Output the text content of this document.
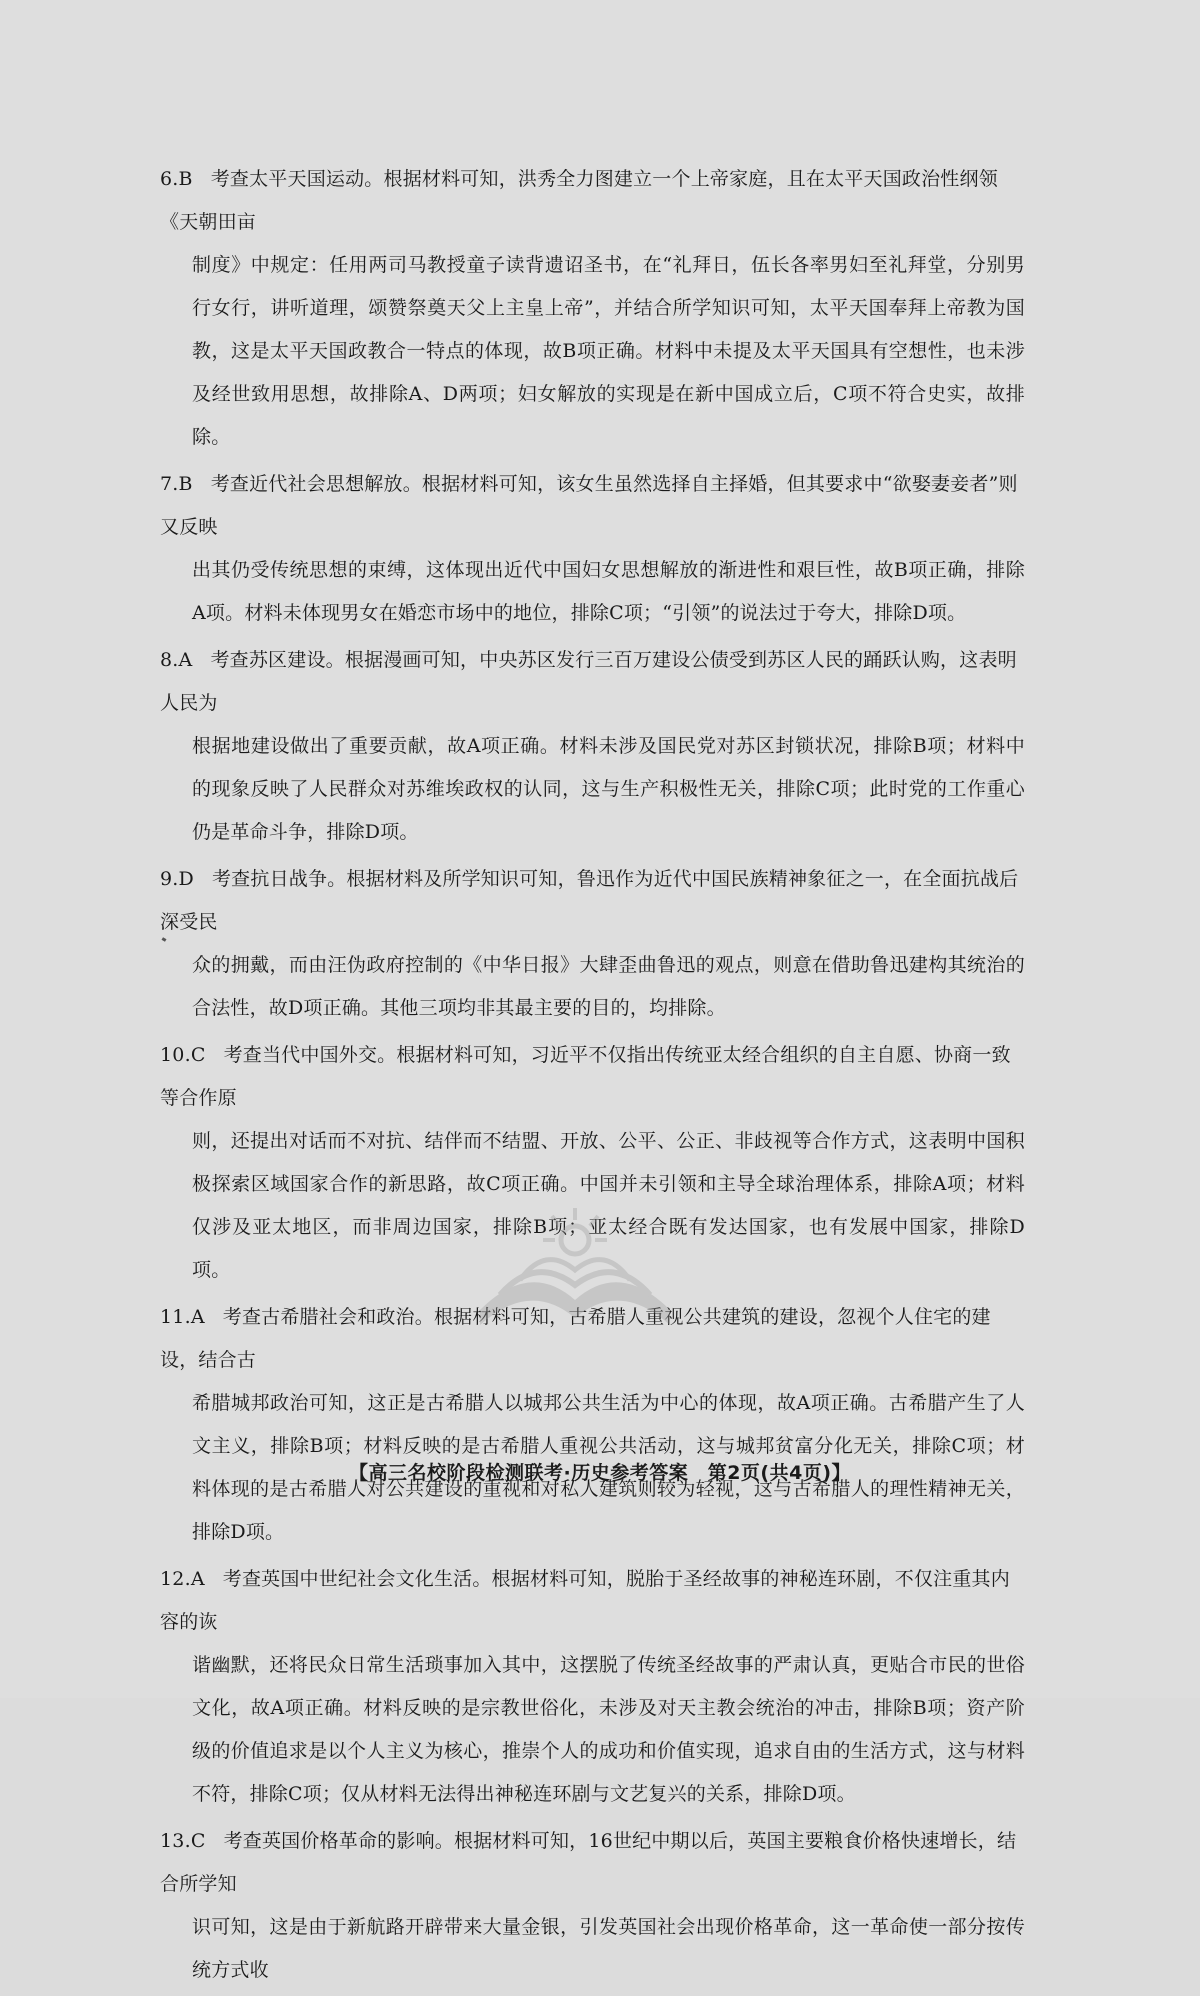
6.B 考查太平天国运动。根据材料可知，洪秀全力图建立一个上帝家庭，且在太平天国政治性纲领《天朝田亩
制度》中规定：任用两司马教授童子读背遗诏圣书，在“礼拜日，伍长各率男妇至礼拜堂，分别男行女行，讲听道理，颂赞祭奠天父上主皇上帝”，并结合所学知识可知，太平天国奉拜上帝教为国教，这是太平天国政教合一特点的体现，故B项正确。材料中未提及太平天国具有空想性，也未涉及经世致用思想，故排除A、D两项；妇女解放的实现是在新中国成立后，C项不符合史实，故排除。
7.B 考查近代社会思想解放。根据材料可知，该女生虽然选择自主择婚，但其要求中“欲娶妻妾者”则又反映
出其仍受传统思想的束缚，这体现出近代中国妇女思想解放的渐进性和艰巨性，故B项正确，排除A项。材料未体现男女在婚恋市场中的地位，排除C项；“引领”的说法过于夸大，排除D项。
8.A 考查苏区建设。根据漫画可知，中央苏区发行三百万建设公债受到苏区人民的踊跃认购，这表明人民为
根据地建设做出了重要贡献，故A项正确。材料未涉及国民党对苏区封锁状况，排除B项；材料中的现象反映了人民群众对苏维埃政权的认同，这与生产积极性无关，排除C项；此时党的工作重心仍是革命斗争，排除D项。
9.D 考查抗日战争。根据材料及所学知识可知，鲁迅作为近代中国民族精神象征之一，在全面抗战后深受民
众的拥戴，而由汪伪政府控制的《中华日报》大肆歪曲鲁迅的观点，则意在借助鲁迅建构其统治的合法性，故D项正确。其他三项均非其最主要的目的，均排除。
10.C 考查当代中国外交。根据材料可知，习近平不仅指出传统亚太经合组织的自主自愿、协商一致等合作原
则，还提出对话而不对抗、结伴而不结盟、开放、公平、公正、非歧视等合作方式，这表明中国积极探索区域国家合作的新思路，故C项正确。中国并未引领和主导全球治理体系，排除A项；材料仅涉及亚太地区，而非周边国家，排除B项；亚太经合既有发达国家，也有发展中国家，排除D项。
11.A 考查古希腊社会和政治。根据材料可知，古希腊人重视公共建筑的建设，忽视个人住宅的建设，结合古
希腊城邦政治可知，这正是古希腊人以城邦公共生活为中心的体现，故A项正确。古希腊产生了人文主义，排除B项；材料反映的是古希腊人重视公共活动，这与城邦贫富分化无关，排除C项；材料体现的是古希腊人对公共建设的重视和对私人建筑则较为轻视，这与古希腊人的理性精神无关，排除D项。
12.A 考查英国中世纪社会文化生活。根据材料可知，脱胎于圣经故事的神秘连环剧，不仅注重其内容的诙
谐幽默，还将民众日常生活琐事加入其中，这摆脱了传统圣经故事的严肃认真，更贴合市民的世俗文化，故A项正确。材料反映的是宗教世俗化，未涉及对天主教会统治的冲击，排除B项；资产阶级的价值追求是以个人主义为核心，推崇个人的成功和价值实现，追求自由的生活方式，这与材料不符，排除C项；仅从材料无法得出神秘连环剧与文艺复兴的关系，排除D项。
13.C 考查英国价格革命的影响。根据材料可知，16世纪中期以后，英国主要粮食价格快速增长，结合所学知
识可知，这是由于新航路开辟带来大量金银，引发英国社会出现价格革命，这一革命使一部分按传统方式收
【高三名校阶段检测联考·历史参考答案　第2页(共4页)】
